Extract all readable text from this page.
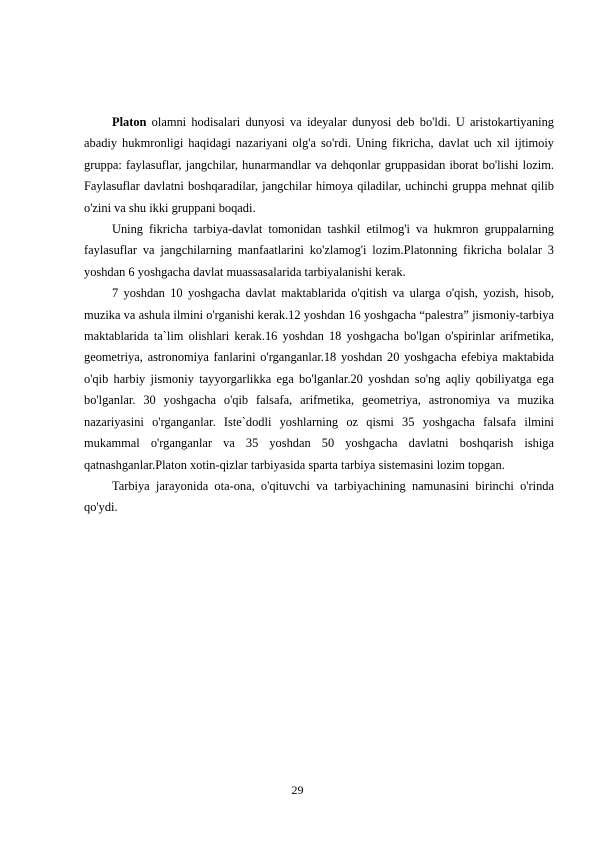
Platon olamni hodisalari dunyosi va ideyalar dunyosi deb bo'ldi. U aristokartiyaning abadiy hukmronligi haqidagi nazariyani olg'a so'rdi. Uning fikricha, davlat uch xil ijtimoiy gruppa: faylasuflar, jangchilar, hunarmandlar va dehqonlar gruppasidan iborat bo'lishi lozim. Faylasuflar davlatni boshqaradilar, jangchilar himoya qiladilar, uchinchi gruppa mehnat qilib o'zini va shu ikki gruppani boqadi.

Uning fikricha tarbiya-davlat tomonidan tashkil etilmog'i va hukmron gruppalarning faylasuflar va jangchilarning manfaatlarini ko'zlamog'i lozim.Platonning fikricha bolalar 3 yoshdan 6 yoshgacha davlat muassasalarida tarbiyalanishi kerak.

7 yoshdan 10 yoshgacha davlat maktablarida o'qitish va ularga o'qish, yozish, hisob, muzika va ashula ilmini o'rganishi kerak.12 yoshdan 16 yoshgacha “palestra” jismoniy-tarbiya maktablarida ta`lim olishlari kerak.16 yoshdan 18 yoshgacha bo'lgan o'spirinlar arifmetika, geometriya, astronomiya fanlarini o'rganganlar.18 yoshdan 20 yoshgacha efebiya maktabida o'qib harbiy jismoniy tayyorgarlikka ega bo'lganlar.20 yoshdan so'ng aqliy qobiliyatga ega bo'lganlar. 30 yoshgacha o'qib falsafa, arifmetika, geometriya, astronomiya va muzika nazariyasini o'rganganlar. Iste`dodli yoshlarning oz qismi 35 yoshgacha falsafa ilmini mukammal o'rganganlar va 35 yoshdan 50 yoshgacha davlatni boshqarish ishiga qatnashganlar.Platon xotin-qizlar tarbiyasida sparta tarbiya sistemasini lozim topgan.

Tarbiya jarayonida ota-ona, o'qituvchi va tarbiyachining namunasini birinchi o'rinda qo'ydi.

29
